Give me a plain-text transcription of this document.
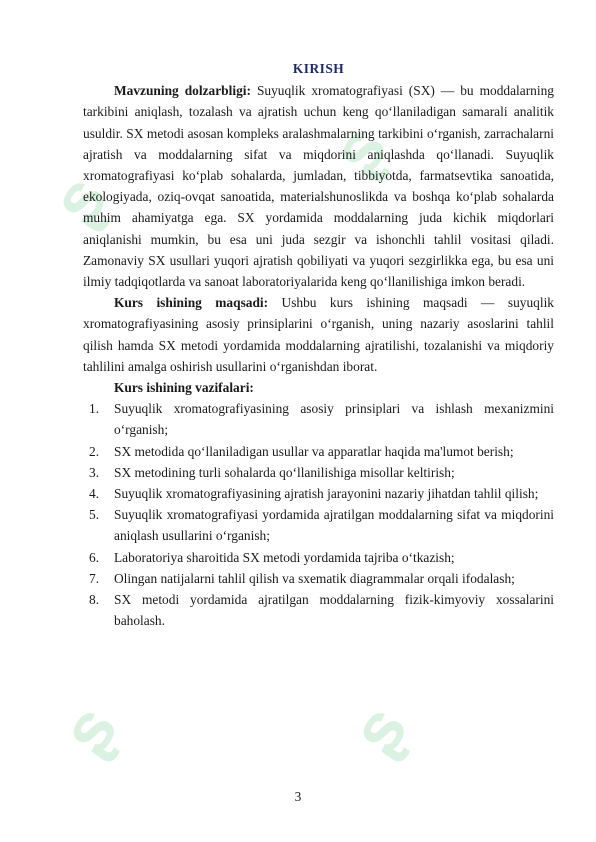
ʂ
ʂ
ʂ	ʂ
KIRISH

Mavzuning dolzarbligi: Suyuqlik xromatografiyasi (SX) — bu moddalarning tarkibini aniqlash, tozalash va ajratish uchun keng qo‘llaniladigan samarali analitik usuldir. SX metodi asosan kompleks aralashmalarning tarkibini o‘rganish, zarrachalarni ajratish va moddalarning sifat va miqdorini aniqlashda qo‘llanadi. Suyuqlik xromatografiyasi ko‘plab sohalarda, jumladan, tibbiyotda, farmatsevtika sanoatida, ekologiyada, oziq-ovqat sanoatida, materialshunoslikda va boshqa ko‘plab sohalarda muhim ahamiyatga ega. SX yordamida moddalarning juda kichik miqdorlari aniqlanishi mumkin, bu esa uni juda sezgir va ishonchli tahlil vositasi qiladi. Zamonaviy SX usullari yuqori ajratish qobiliyati va yuqori sezgirlikka ega, bu esa uni ilmiy tadqiqotlarda va sanoat laboratoriyalarida keng qo‘llanilishiga imkon beradi.

Kurs ishining maqsadi: Ushbu kurs ishining maqsadi — suyuqlik xromatografiyasining asosiy prinsiplarini o‘rganish, uning nazariy asoslarini tahlil qilish hamda SX metodi yordamida moddalarning ajratilishi, tozalanishi va miqdoriy tahlilini amalga oshirish usullarini o‘rganishdan iborat.

Kurs ishining vazifalari:
1. Suyuqlik xromatografiyasining asosiy prinsiplari va ishlash mexanizmini o‘rganish;
2. SX metodida qo‘llaniladigan usullar va apparatlar haqida ma'lumot berish;
3. SX metodining turli sohalarda qo‘llanilishiga misollar keltirish;
4. Suyuqlik xromatografiyasining ajratish jarayonini nazariy jihatdan tahlil qilish;
5. Suyuqlik xromatografiyasi yordamida ajratilgan moddalarning sifat va miqdorini aniqlash usullarini o‘rganish;
6. Laboratoriya sharoitida SX metodi yordamida tajriba o‘tkazish;
7. Olingan natijalarni tahlil qilish va sxematik diagrammalar orqali ifodalash;
8. SX metodi yordamida ajratilgan moddalarning fizik-kimyoviy xossalarini baholash.
3
